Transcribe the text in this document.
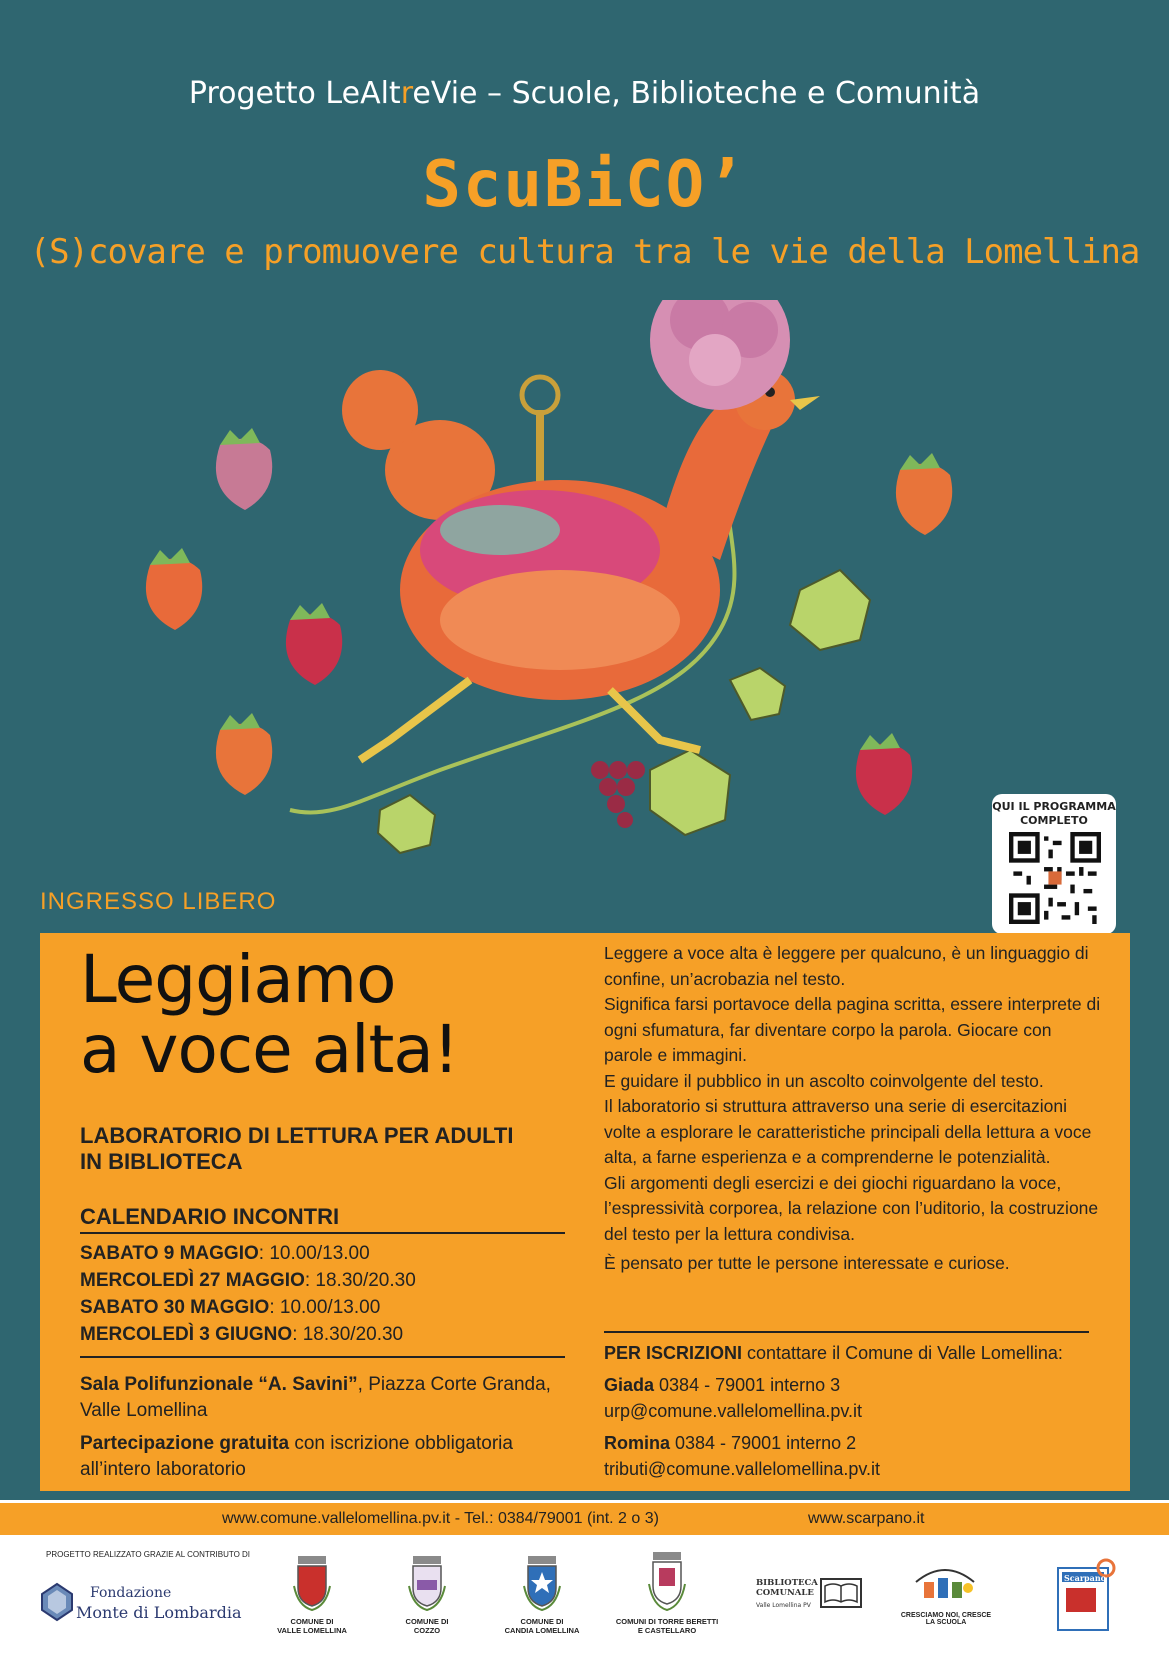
Progetto LeAltreVie – Scuole, Biblioteche e Comunità
ScuBiCO’
(S)covare e promuovere cultura tra le vie della Lomellina
QUI IL PROGRAMMA COMPLETO
INGRESSO LIBERO
Leggiamo
a voce alta!
LABORATORIO DI LETTURA PER ADULTI
IN BIBLIOTECA
CALENDARIO INCONTRI
SABATO 9 MAGGIO: 10.00/13.00
MERCOLEDÌ 27 MAGGIO: 18.30/20.30
SABATO 30 MAGGIO: 10.00/13.00
MERCOLEDÌ 3 GIUGNO: 18.30/20.30
Sala Polifunzionale “A. Savini”, Piazza Corte Granda, Valle Lomellina
Partecipazione gratuita con iscrizione obbligatoria all’intero laboratorio

Leggere a voce alta è leggere per qualcuno, è un linguaggio di confine, un’acrobazia nel testo.

Significa farsi portavoce della pagina scritta, essere interprete di ogni sfumatura, far diventare corpo la parola. Giocare con parole e immagini.

E guidare il pubblico in un ascolto coinvolgente del testo.

Il laboratorio si struttura attraverso una serie di esercitazioni volte a esplorare le caratteristiche principali della lettura a voce alta, a farne esperienza e a comprenderne le potenzialità.

Gli argomenti degli esercizi e dei giochi riguardano la voce, l’espressività corporea, la relazione con l’uditorio, la costruzione del testo per la lettura condivisa.

È pensato per tutte le persone interessate e curiose.

PER ISCRIZIONI contattare il Comune di Valle Lomellina:

Giada 0384 - 79001 interno 3

urp@comune.vallelomellina.pv.it

Romina 0384 - 79001 interno 2

tributi@comune.vallelomellina.pv.it

www.comune.vallelomellina.pv.it - Tel.: 0384/79001 (int. 2 o 3)	www.scarpano.it
PROGETTO REALIZZATO GRAZIE AL CONTRIBUTO DI
Fondazione
Monte di Lombardia	COMUNE DI
VALLE LOMELLINA
COMUNE DI
COZZO
COMUNE DI
CANDIA LOMELLINA
COMUNI DI TORRE BERETTI
E CASTELLARO
BIBLIOTECA COMUNALE
Valle Lomellina PV
CRESCIAMO NOI, CRESCE LA SCUOLA
Scarpano
